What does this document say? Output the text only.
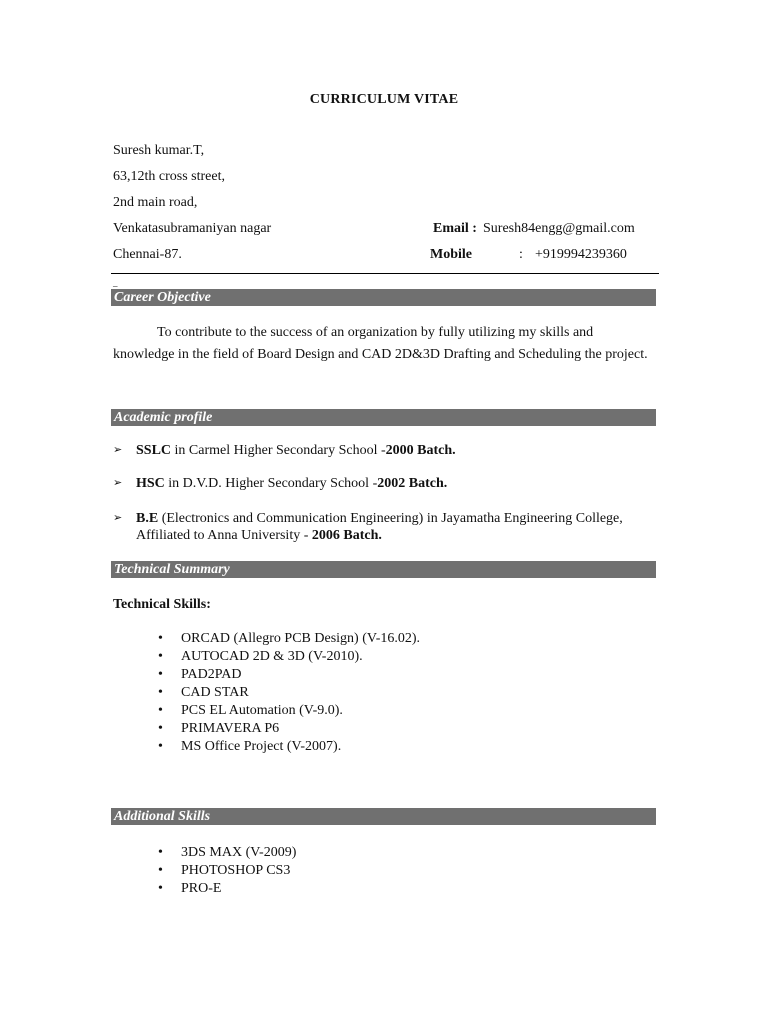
CURRICULUM VITAE
Suresh kumar.T,
63,12th cross street,
2nd main road,
Venkatasubramaniyan nagar
Chennai-87.
Email : Suresh84engg@gmail.com
Mobile	: +919994239360
_
Career Objective

To contribute to the success of an organization by fully utilizing my skills and knowledge in the field of Board Design and CAD 2D&3D Drafting and Scheduling the project.

Academic profile
➢ SSLC in Carmel Higher Secondary School -2000 Batch.
➢ HSC in D.V.D. Higher Secondary School -2002 Batch.
➢ B.E (Electronics and Communication Engineering) in Jayamatha Engineering College, Affiliated to Anna University - 2006 Batch.
Technical Summary
Technical Skills:
•	ORCAD (Allegro PCB Design) (V-16.02).
•	AUTOCAD 2D & 3D (V-2010).
•	PAD2PAD
•	CAD STAR
•	PCS EL Automation (V-9.0).
•	PRIMAVERA P6
•	MS Office Project (V-2007).
Additional Skills
•	3DS MAX (V-2009)
•	PHOTOSHOP CS3
•	PRO-E
